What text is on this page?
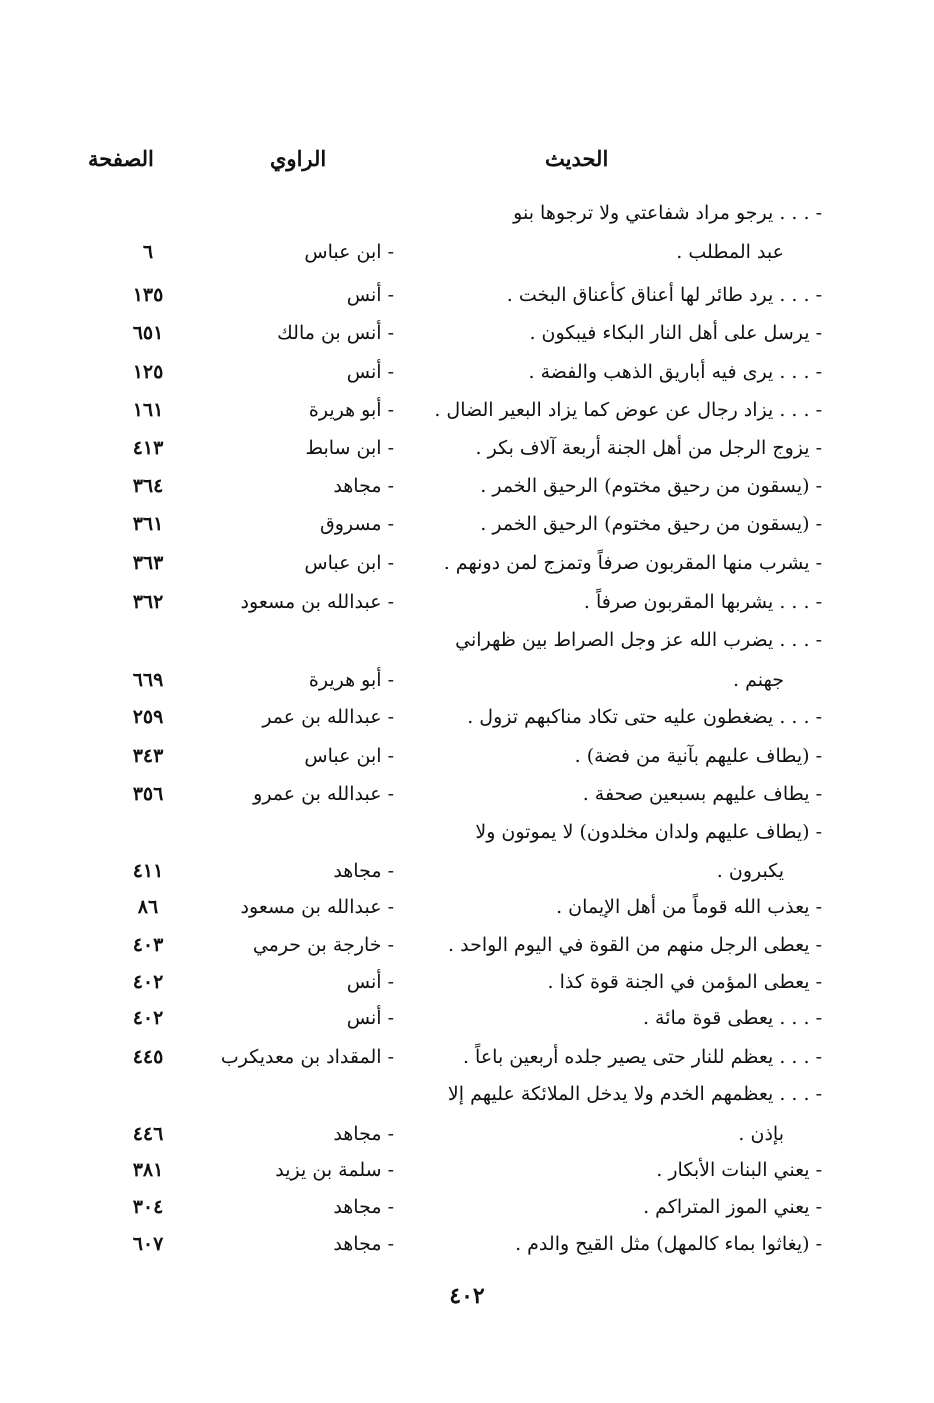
الحديث
الراوي
الصفحة
- . . . يرجو مراد شفاعتي ولا ترجوها بنو
عبد المطلب .
- ابن عباس
٦
- . . . يرد طائر لها أعناق كأعناق البخت .
- أنس
١٣٥
- يرسل على أهل النار البكاء فيبكون .
- أنس بن مالك
٦٥١
- . . . يرى فيه أباريق الذهب والفضة .
- أنس
١٢٥
- . . . يزاد رجال عن عوض كما يزاد البعير الضال .
- أبو هريرة
١٦١
- يزوج الرجل من أهل الجنة أربعة آلاف بكر .
- ابن سابط
٤١٣
- (يسقون من رحيق مختوم) الرحيق الخمر .
- مجاهد
٣٦٤
- (يسقون من رحيق مختوم) الرحيق الخمر .
- مسروق
٣٦١
- يشرب منها المقربون صرفاً وتمزج لمن دونهم .
- ابن عباس
٣٦٣
- . . . يشربها المقربون صرفاً .
- عبدالله بن مسعود
٣٦٢
- . . . يضرب الله عز وجل الصراط بين ظهراني
جهنم .
- أبو هريرة
٦٦٩
- . . . يضغطون عليه حتى تكاد مناكبهم تزول .
- عبدالله بن عمر
٢٥٩
- (يطاف عليهم بآنية من فضة) .
- ابن عباس
٣٤٣
- يطاف عليهم بسبعين صحفة .
- عبدالله بن عمرو
٣٥٦
- (يطاف عليهم ولدان مخلدون) لا يموتون ولا
يكبرون .
- مجاهد
٤١١
- يعذب الله قوماً من أهل الإيمان .
- عبدالله بن مسعود
٨٦
- يعطى الرجل منهم من القوة في اليوم الواحد .
- خارجة بن حرمي
٤٠٣
- يعطى المؤمن في الجنة قوة كذا .
- أنس
٤٠٢
- . . . يعطى قوة مائة .
- أنس
٤٠٢
- . . . يعظم للنار حتى يصير جلده أربعين باعاً .
- المقداد بن معديكرب
٤٤٥
- . . . يعظمهم الخدم ولا يدخل الملائكة عليهم إلا
بإذن .
- مجاهد
٤٤٦
- يعني البنات الأبكار .
- سلمة بن يزيد
٣٨١
- يعني الموز المتراكم .
- مجاهد
٣٠٤
- (يغاثوا بماء كالمهل) مثل القيح والدم .
- مجاهد
٦٠٧
٤٠٢
